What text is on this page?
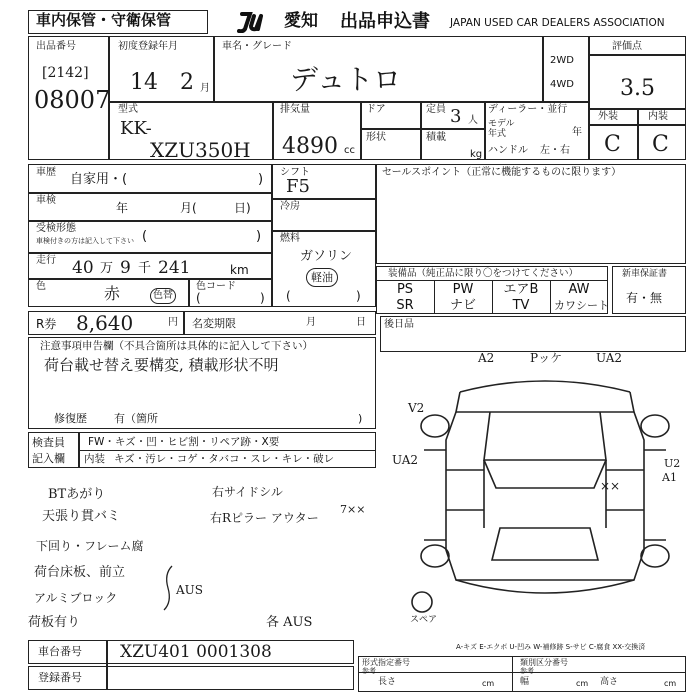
車内保管・守衛保管	愛知 出品申込書 JAPAN USED CAR DEALERS ASSOCIATION
出品番号
[2142]
08007
初度登録年月
14 2 月
車名・グレード
デュトロ
2WD
4WD
評価点
3.5
外装	内装
C C
型式
KK-
XZU350H
排気量
4890 cc
ドア
形状
定員 3 人
積載
kg
ディーラー・並行
モデル
年式	年
ハンドル 左・右
車歴 自家用・(	)
車検
年	月(	日)
受検形態
車検付きの方は記入して下さい (	)
走行 40 万 9 千 241	km
色	赤	色替
色コード
(	)
シフト
F5
冷房
燃料
ガソリン
軽油
(	)
セールスポイント（正常に機能するものに限ります）
装備品（純正品に限り〇をつけてください）
PS	PW	エアB	AW
SR	ナビ	TV	カワシート
新車保証書
有・無
R券 8,640	円 名変期限	月	日 後日品
注意事項申告欄（不具合箇所は具体的に記入して下さい）
荷台載せ替え要構変, 積載形状不明
修復歴 有（箇所	)
検査員
記入欄
FW・キズ・凹・ヒビ割・リペア跡・X要
内装 キズ・汚レ・コゲ・タバコ・スレ・キレ・破レ
BTあがり
天張り貫バミ
下回り・フレーム腐
荷台床板、前立
アルミブロック
荷板有り
AUS
右サイドシル
右Rピラー アウター
7××
各 AUS
A2	Pッケ	UA2
V2
UA2	U2
A1
××
スペア
A-キズ E-エクボ U-凹み W-補修跡 S-サビ C-腐食 XX-交換済
車台番号 XZU401 0001308
登録番号
形式指定番号
参考
類別区分番号
参考
長さ	cm	幅	cm 高さ	cm
